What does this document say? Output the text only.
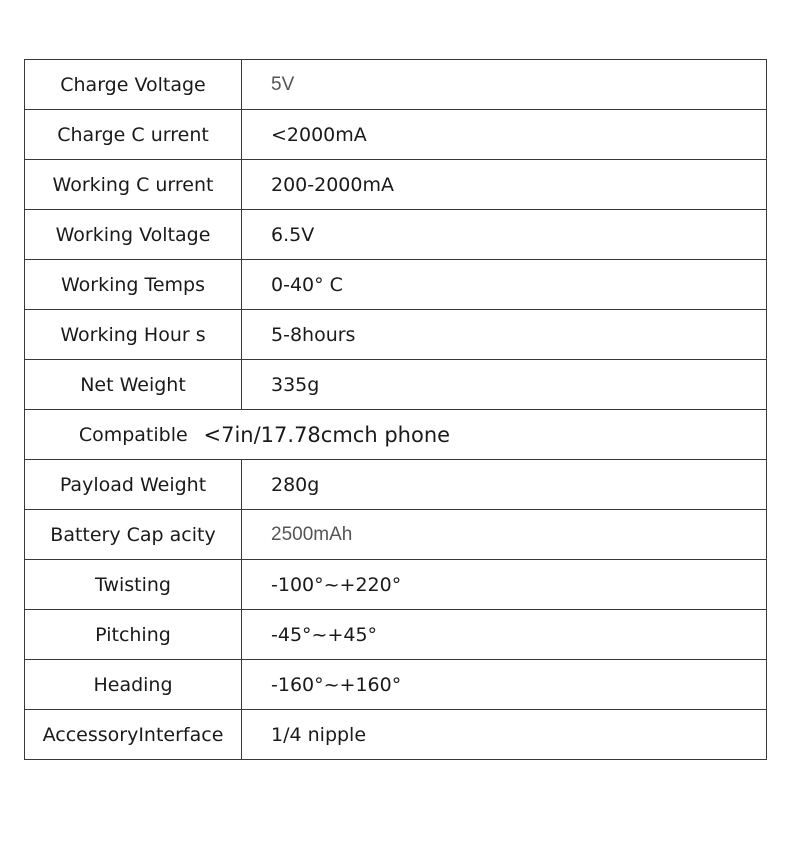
Charge Voltage	5V
Charge C urrent	<2000mA
Working C urrent	200-2000mA
Working Voltage	6.5V
Working Temps	0-40° C
Working Hour s	5-8hours
Net Weight	335g
Compatible	<7in/17.78cmch phone

Payload Weight	280g
Battery Cap acity	2500mAh
Twisting	-100°~+220°
Pitching	-45°~+45°
Heading	-160°~+160°
AccessoryInterface	1/4 nipple
